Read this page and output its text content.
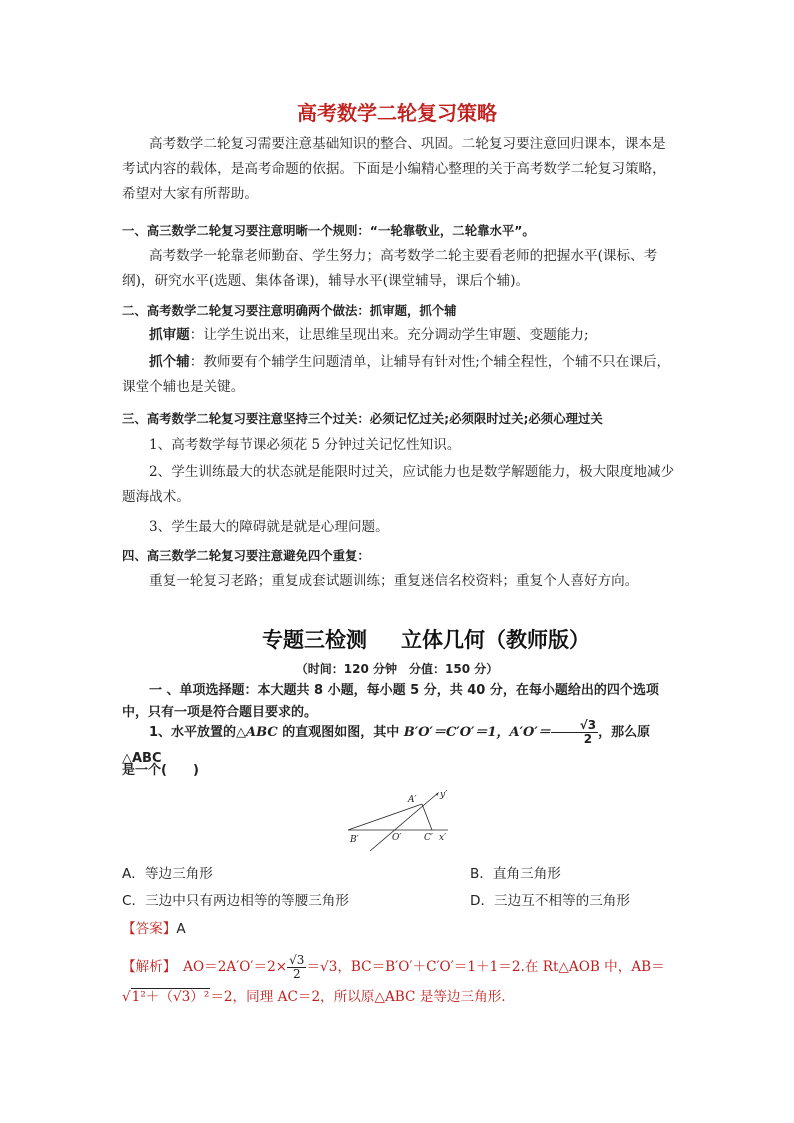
高考数学二轮复习策略
高考数学二轮复习需要注意基础知识的整合、巩固。二轮复习要注意回归课本，课本是考试内容的载体，是高考命题的依据。下面是小编精心整理的关于高考数学二轮复习策略，希望对大家有所帮助。
一、高三数学二轮复习要注意明晰一个规则：“一轮靠敬业，二轮靠水平”。
高考数学一轮靠老师勤奋、学生努力；高考数学二轮主要看老师的把握水平(课标、考纲)，研究水平(选题、集体备课)，辅导水平(课堂辅导，课后个辅)。
二、高考数学二轮复习要注意明确两个做法：抓审题，抓个辅
抓审题：让学生说出来，让思维呈现出来。充分调动学生审题、变题能力;
抓个辅：教师要有个辅学生问题清单，让辅导有针对性;个辅全程性，个辅不只在课后，课堂个辅也是关键。
三、高考数学二轮复习要注意坚持三个过关：必须记忆过关;必须限时过关;必须心理过关
1、高考数学每节课必须花 5 分钟过关记忆性知识。
2、学生训练最大的状态就是能限时过关，应试能力也是数学解题能力，极大限度地减少题海战术。
3、学生最大的障碍就是就是心理问题。
四、高三数学二轮复习要注意避免四个重复：
重复一轮复习老路；重复成套试题训练；重复迷信名校资料；重复个人喜好方向。
专题三检测 立体几何（教师版）
（时间：120 分钟　分值：150 分）
一 、单项选择题：本大题共 8 小题，每小题 5 分，共 40 分，在每小题给出的四个选项中，只有一项是符合题目要求的。
1、水平放置的△ABC 的直观图如图，其中 B′O′＝C′O′＝1，$A'O'= \frac{√3}{2}$ ，那么原△ABC
是一个(　　)
A′
B′	O′	C′ x′
y′
A．等边三角形	B．直角三角形
C．三边中只有两边相等的等腰三角形	D．三边互不相等的三角形
【答案】A
【解析】　 $AO=2A'O'=2\times \frac{√3}{2} =√3$，BC＝B′O′＋C′O′＝1＋1＝2.在 Rt△AOB 中，AB＝
√1²＋（√3）²＝2，同理 AC＝2，所以原△ABC 是等边三角形.
